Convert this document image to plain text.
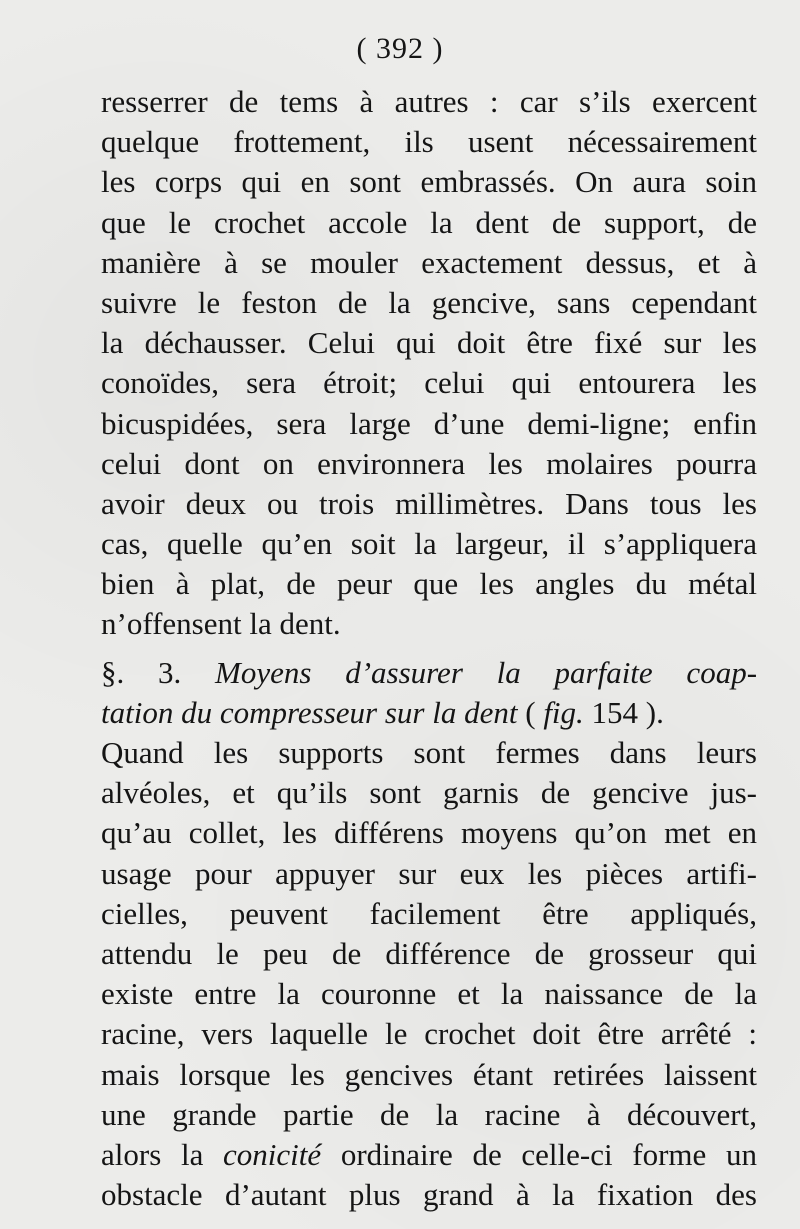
( 392 )
resserrer de tems à autres : car s’ils exercent
quelque frottement, ils usent nécessairement
les corps qui en sont embrassés. On aura soin
que le crochet accole la dent de support, de
manière à se mouler exactement dessus, et à
suivre le feston de la gencive, sans cependant
la déchausser. Celui qui doit être fixé sur les
conoïdes, sera étroit; celui qui entourera les
bicuspidées, sera large d’une demi-ligne; enfin
celui dont on environnera les molaires pourra
avoir deux ou trois millimètres. Dans tous les
cas, quelle qu’en soit la largeur, il s’appliquera
bien à plat, de peur que les angles du métal
n’offensent la dent.
§. 3. Moyens d’assurer la parfaite coap-
tation du compresseur sur la dent ( fig. 154 ).
Quand les supports sont fermes dans leurs
alvéoles, et qu’ils sont garnis de gencive jus-
qu’au collet, les différens moyens qu’on met en
usage pour appuyer sur eux les pièces artifi-
cielles, peuvent facilement être appliqués,
attendu le peu de différence de grosseur qui
existe entre la couronne et la naissance de la
racine, vers laquelle le crochet doit être arrêté :
mais lorsque les gencives étant retirées laissent
une grande partie de la racine à découvert,
alors la conicité ordinaire de celle-ci forme un
obstacle d’autant plus grand à la fixation des
